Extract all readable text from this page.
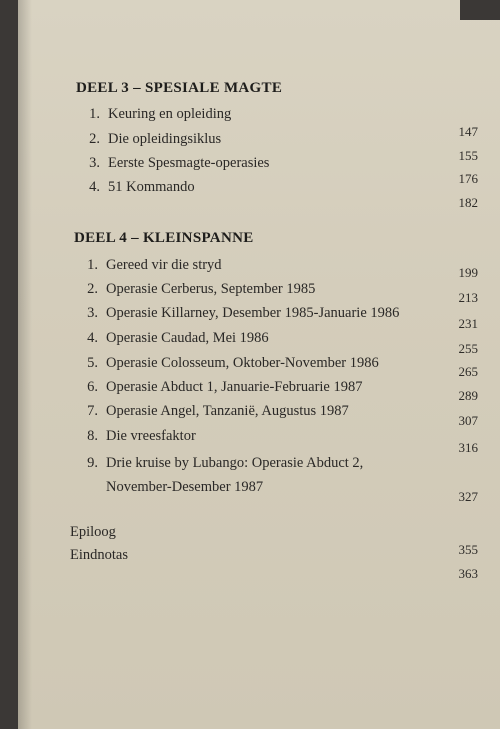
DEEL 3 – SPESIALE MAGTE
1. Keuring en opleiding
2. Die opleidingsiklus
3. Eerste Spesmagte-operasies
4. 51 Kommando
147
155
176
182
DEEL 4 – KLEINSPANNE
1. Gereed vir die stryd
2. Operasie Cerberus, September 1985
3. Operasie Killarney, Desember 1985-Januarie 1986
4. Operasie Caudad, Mei 1986
5. Operasie Colosseum, Oktober-November 1986
6. Operasie Abduct 1, Januarie-Februarie 1987
7. Operasie Angel, Tanzanië, Augustus 1987
8. Die vreesfaktor
9. Drie kruise by Lubango: Operasie Abduct 2,
November-Desember 1987
199
213
231
255
265
289
307
316
327
Epiloog
Eindnotas	355
363
